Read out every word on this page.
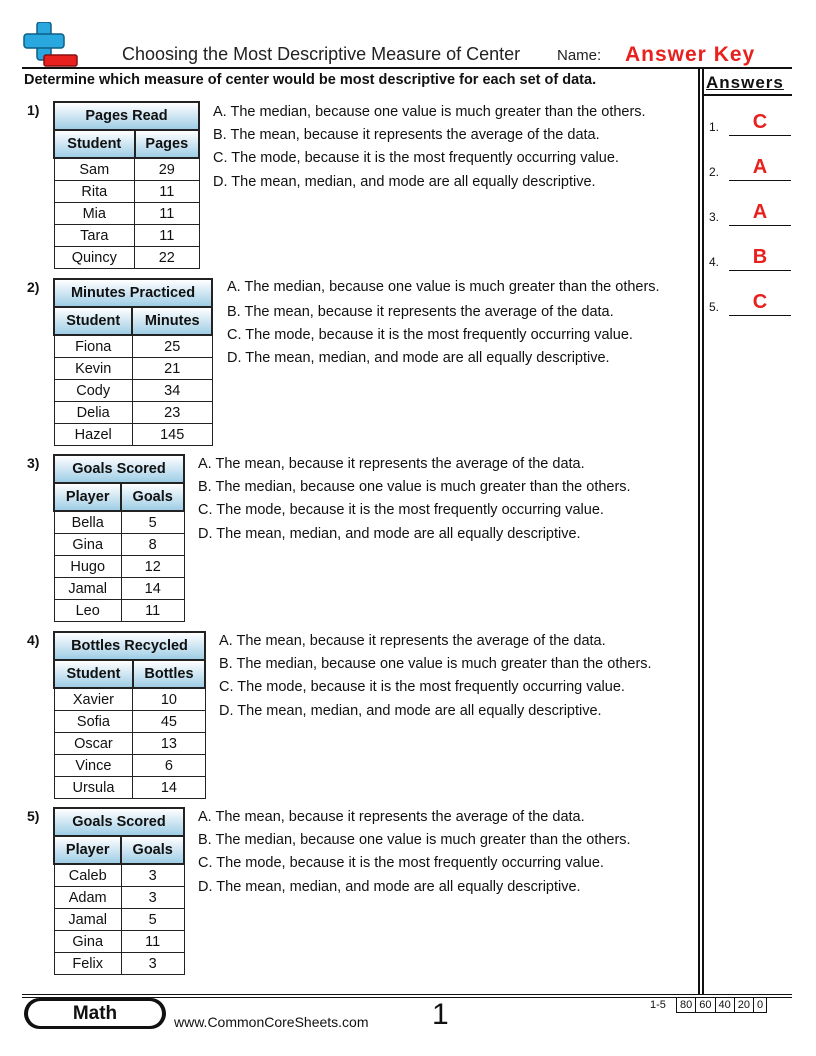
Choosing the Most Descriptive Measure of Center Name: Answer Key
Determine which measure of center would be most descriptive for each set of data.	Answers
1.	C
2.	A
3.	A
4.	B
5.	C
1)	Pages Read	
Student	Pages
Sam	29
Rita	11
Mia	11
Tara	11
Quincy	22
A. The median, because one value is much greater than the others.
B. The mean, because it represents the average of the data.
C. The mode, because it is the most frequently occurring value.
D. The mean, median, and mode are all equally descriptive.
2) Minutes Practiced	
Student	Minutes
Fiona	25
Kevin	21
Cody	34
Delia	23
Hazel	145
A. The median, because one value is much greater than the others.
B. The mean, because it represents the average of the data.
C. The mode, because it is the most frequently occurring value.
D. The mean, median, and mode are all equally descriptive.
3) Goals Scored	
Player	Goals
Bella	5
Gina	8
Hugo	12
Jamal	14
Leo	11
A. The mean, because it represents the average of the data.
B. The median, because one value is much greater than the others.
C. The mode, because it is the most frequently occurring value.
D. The mean, median, and mode are all equally descriptive.
4) Bottles Recycled	
Student	Bottles
Xavier	10
Sofia	45
Oscar	13
Vince	6
Ursula	14
A. The mean, because it represents the average of the data.
B. The median, because one value is much greater than the others.
C. The mode, because it is the most frequently occurring value.
D. The mean, median, and mode are all equally descriptive.
5) Goals Scored	
Player	Goals
Caleb	3
Adam	3
Jamal	5
Gina	11
Felix	3
A. The mean, because it represents the average of the data.
B. The median, because one value is much greater than the others.
C. The mode, because it is the most frequently occurring value.
D. The mean, median, and mode are all equally descriptive.
Math	www.CommonCoreSheets.com 1	1-5 80	60	40	20	0
